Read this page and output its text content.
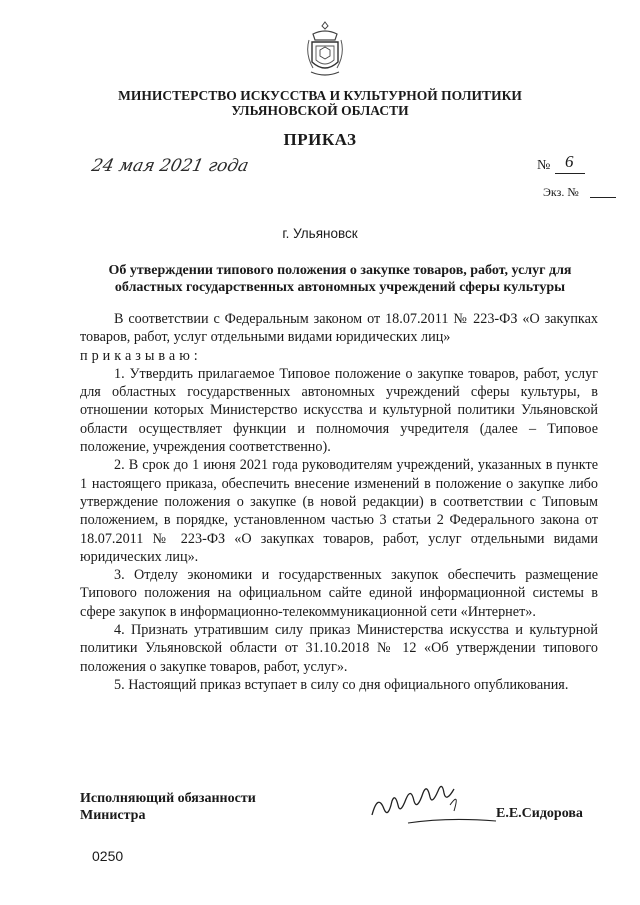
МИНИСТЕРСТВО ИСКУССТВА И КУЛЬТУРНОЙ ПОЛИТИКИ
УЛЬЯНОВСКОЙ ОБЛАСТИ
ПРИКАЗ
24 мая 2021 года	№ 6
Экз. №
г. Ульяновск
Об утверждении типового положения о закупке товаров, работ, услуг для областных государственных автономных учреждений сферы культуры

В соответствии с Федеральным законом от 18.07.2011 № 223-ФЗ «О закупках товаров, работ, услуг отдельными видами юридических лиц»

приказываю:

1. Утвердить прилагаемое Типовое положение о закупке товаров, работ, услуг для областных государственных автономных учреждений сферы культуры, в отношении которых Министерство искусства и культурной политики Ульяновской области осуществляет функции и полномочия учредителя (далее – Типовое положение, учреждения соответственно).

2. В срок до 1 июня 2021 года руководителям учреждений, указанных в пункте 1 настоящего приказа, обеспечить внесение изменений в положение о закупке либо утверждение положения о закупке (в новой редакции) в соответствии с Типовым положением, в порядке, установленном частью 3 статьи 2 Федерального закона от 18.07.2011 № 223-ФЗ «О закупках товаров, работ, услуг отдельными видами юридических лиц».

3. Отделу экономики и государственных закупок обеспечить размещение Типового положения на официальном сайте единой информационной системы в сфере закупок в информационно-телекоммуникационной сети «Интернет».

4. Признать утратившим силу приказ Министерства искусства и культурной политики Ульяновской области от 31.10.2018 № 12 «Об утверждении типового положения о закупке товаров, работ, услуг».

5. Настоящий приказ вступает в силу со дня официального опубликования.

Исполняющий обязанности
Министра	Е.Е.Сидорова
0250
